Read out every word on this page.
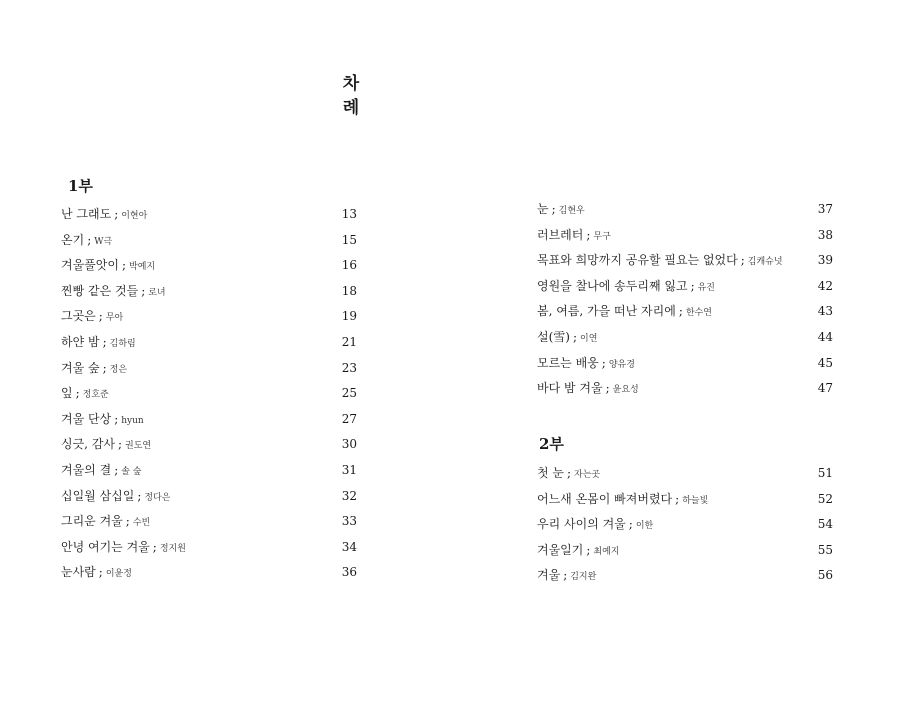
차
례
1부
난 그래도 ; 이현아	13
온기 ; W극	15
겨울풀앗이 ; 박예지	16
찐빵 같은 것들 ; 로녀	18
그곳은 ; 무아	19
하얀 밤 ; 김하림	21
겨울 숲 ; 정은	23
잎 ; 정호준	25
겨울 단상 ; hyun	27
싱긋, 감사 ; 권도연	30
겨울의 결 ; 솔 숲	31
십일월 삼십일 ; 정다은	32
그리운 겨울 ; 수빈	33
안녕 여기는 겨울 ; 정지원	34
눈사람 ; 이윤정	36
눈 ; 김현우	37
러브레터 ; 무구	38
목표와 희망까지 공유할 필요는 없었다 ; 김캐슈넛	39
영원을 찰나에 송두리째 잃고 ; 유진	42
봄, 여름, 가을 떠난 자리에 ; 한수연	43
설(雪) ; 이연	44
모르는 배웅 ; 양유경	45
바다 밤 겨울 ; 윤요성	47
2부
첫 눈 ; 자는곳	51
어느새 온몸이 빠져버렸다 ; 하늘빛	52
우리 사이의 겨울 ; 이한	54
겨울일기 ; 최예지	55
겨울 ; 김지완	56
